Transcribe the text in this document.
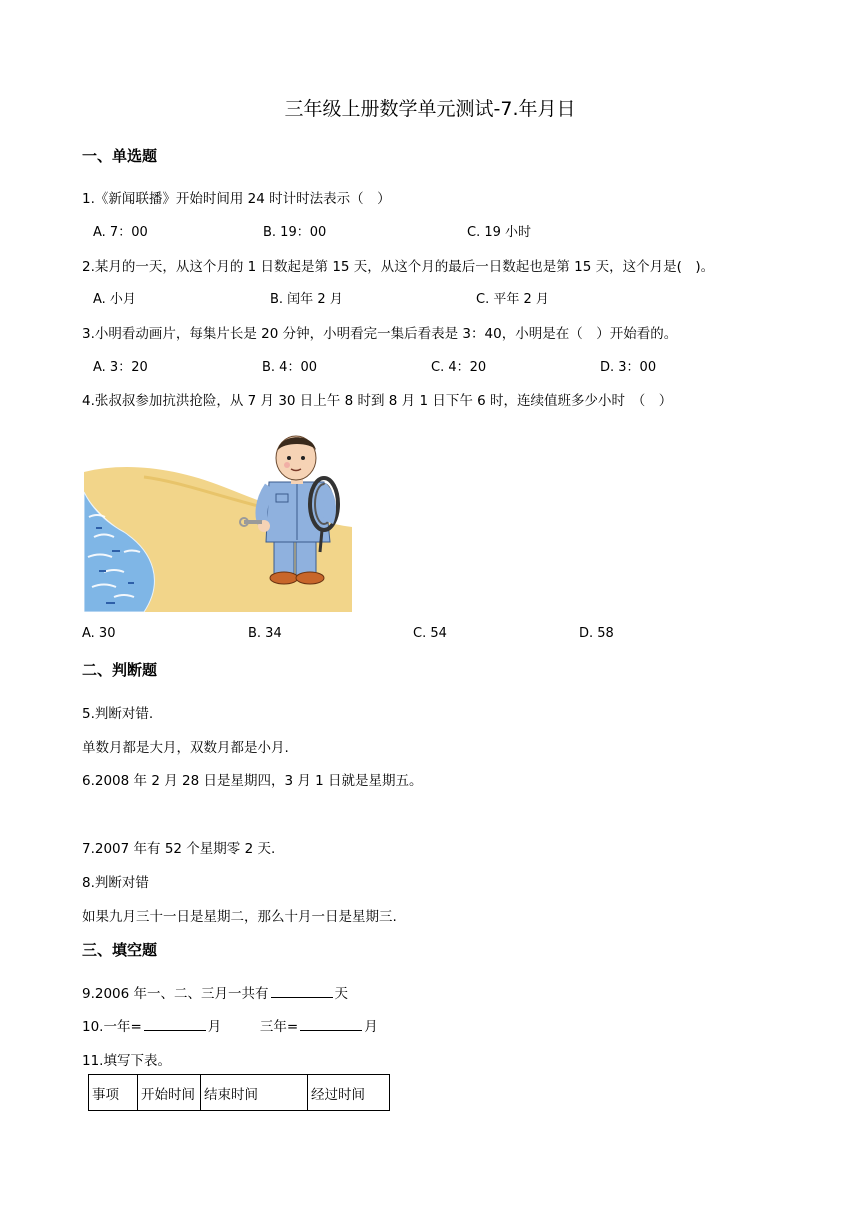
三年级上册数学单元测试-7.年月日
一、单选题
1.《新闻联播》开始时间用 24 时计时法表示（　）
A. 7：00	B. 19：00	C. 19 小时
2.某月的一天，从这个月的 1 日数起是第 15 天，从这个月的最后一日数起也是第 15 天，这个月是(　)。
A. 小月	B. 闰年 2 月	C. 平年 2 月
3.小明看动画片，每集片长是 20 分钟，小明看完一集后看表是 3：40，小明是在（　）开始看的。
A. 3：20	B. 4：00	C. 4：20	D. 3：00
4.张叔叔参加抗洪抢险，从 7 月 30 日上午 8 时到 8 月 1 日下午 6 时，连续值班多少小时　（　）
A. 30	B. 34	C. 54	D. 58
二、判断题
5.判断对错.
单数月都是大月，双数月都是小月.
6.2008 年 2 月 28 日是星期四，3 月 1 日就是星期五。
7.2007 年有 52 个星期零 2 天.
8.判断对错
如果九月三十一日是星期二，那么十月一日是星期三.
三、填空题
9.2006 年一、二、三月一共有	天
10.一年=	月	三年=	月
11.填写下表。
事项	开始时间	结束时间	经过时间
